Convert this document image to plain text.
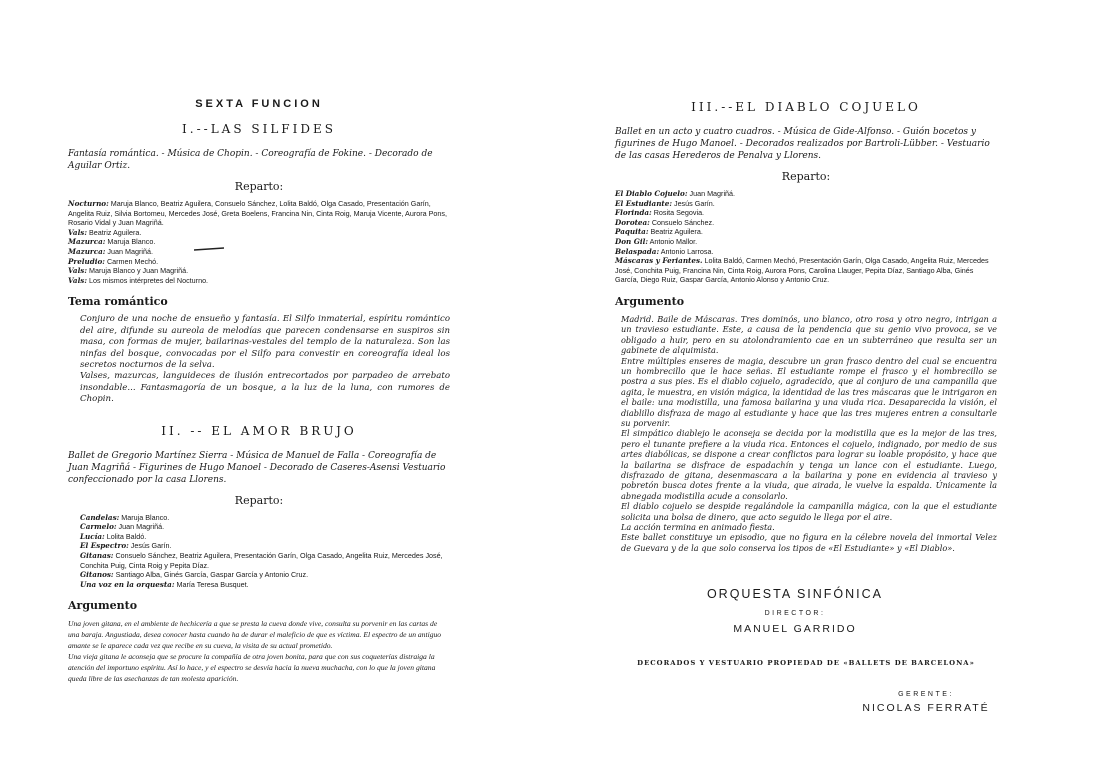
SEXTA FUNCION
I.--LAS SILFIDES

Fantasía romántica. - Música de Chopin. - Coreografía de Fokine. - Decorado de Aguilar Ortiz.

Reparto:
Nocturno: Maruja Blanco, Beatriz Aguilera, Consuelo Sánchez, Lolita Baldó, Olga Casado, Presentación Garín, Angelita Ruiz, Silvia Bortomeu, Mercedes José, Greta Boelens, Francina Nin, Cinta Roig, Maruja Vicente, Aurora Pons, Rosario Vidal y Juan Magriñá.
Vals: Beatriz Aguilera.
Mazurca: Maruja Blanco.
Mazurca: Juan Magriñá.
Preludio: Carmen Mechó.
Vals: Maruja Blanco y Juan Magriñá.
Vals: Los mismos intérpretes del Nocturno.
Tema romántico

Conjuro de una noche de ensueño y fantasía. El Silfo inmaterial, espíritu romántico del aire, difunde su aureola de melodías que parecen condensarse en suspiros sin masa, con formas de mujer, bailarinas-vestales del templo de la naturaleza. Son las ninfas del bosque, convocadas por el Silfo para convestir en coreografía ideal los secretos nocturnos de la selva.

Valses, mazurcas, languideces de ilusión entrecortados por parpadeo de arrebato insondable... Fantasmagoría de un bosque, a la luz de la luna, con rumores de Chopin.

II. -- EL AMOR BRUJO

Ballet de Gregorio Martínez Sierra - Música de Manuel de Falla - Coreografía de Juan Magriñá - Figurines de Hugo Manoel - Decorado de Caseres-Asensi Vestuario confeccionado por la casa Llorens.

Reparto:
Candelas: Maruja Blanco.
Carmelo: Juan Magriñá.
Lucía: Lolita Baldó.
El Espectro: Jesús Garín.
Gitanas: Consuelo Sánchez, Beatriz Aguilera, Presentación Garín, Olga Casado, Angelita Ruiz, Mercedes José, Conchita Puig, Cinta Roig y Pepita Díaz.
Gitanos: Santiago Alba, Ginés García, Gaspar García y Antonio Cruz.
Una voz en la orquesta: María Teresa Busquet.
Argumento

Una joven gitana, en el ambiente de hechicería a que se presta la cueva donde vive, consulta su porvenir en las cartas de una baraja. Angustiada, desea conocer hasta cuando ha de durar el maleficio de que es víctima. El espectro de un antiguo amante se le aparece cada vez que recibe en su cueva, la visita de su actual prometido.

Una vieja gitana le aconseja que se procure la compañía de otra joven bonita, para que con sus coqueterías distraiga la atención del importuno espíritu. Así lo hace, y el espectro se desvía hacia la nueva muchacha, con lo que la joven gitana queda libre de las asechanzas de tan molesta aparición.

III.--EL DIABLO COJUELO

Ballet en un acto y cuatro cuadros. - Música de Gide-Alfonso. - Guión bocetos y figurines de Hugo Manoel. - Decorados realizados por Bartroli-Lübber. - Vestuario de las casas Herederos de Penalva y Llorens.

Reparto:
El Diablo Cojuelo: Juan Magriñá.
El Estudiante: Jesús Garín.
Florinda: Rosita Segovia.
Dorotea: Consuelo Sánchez.
Paquita: Beatriz Aguilera.
Don Gil: Antonio Mallor.
Belaspada: Antonio Larrosa.
Máscaras y Feriantes. Lolita Baldó, Carmen Mechó, Presentación Garín, Olga Casado, Angelita Ruiz, Mercedes José, Conchita Puig, Francina Nin, Cinta Roig, Aurora Pons, Carolina Llauger, Pepita Díaz, Santiago Alba, Ginés García, Diego Ruiz, Gaspar García, Antonio Alonso y Antonio Cruz.
Argumento

Madrid. Baile de Máscaras. Tres dominós, uno blanco, otro rosa y otro negro, intrigan a un travieso estudiante. Este, a causa de la pendencia que su genio vivo provoca, se ve obligado a huir, pero en su atolondramiento cae en un subterráneo que resulta ser un gabinete de alquimista.

Entre múltiples enseres de magia, descubre un gran frasco dentro del cual se encuentra un hombrecillo que le hace señas. El estudiante rompe el frasco y el hombrecillo se postra a sus pies. Es el diablo cojuelo, agradecido, que al conjuro de una campanilla que agita, le muestra, en visión mágica, la identidad de las tres máscaras que le intrigaron en el baile: una modistilla, una famosa bailarina y una viuda rica. Desaparecida la visión, el diablillo disfraza de mago al estudiante y hace que las tres mujeres entren a consultarle su porvenir.

El simpático diablejo le aconseja se decida por la modistilla que es la mejor de las tres, pero el tunante prefiere a la viuda rica. Entonces el cojuelo, indignado, por medio de sus artes diabólicas, se dispone a crear conflictos para lograr su loable propósito, y hace que la bailarina se disfrace de espadachín y tenga un lance con el estudiante. Luego, disfrazado de gitana, desenmascara a la bailarina y pone en evidencia al travieso y pobretón busca dotes frente a la viuda, que airada, le vuelve la espalda. Únicamente la abnegada modistilla acude a consolarlo.

El diablo cojuelo se despide regalándole la campanilla mágica, con la que el estudiante solicita una bolsa de dinero, que acto seguido le llega por el aire.

La acción termina en animado fiesta.

Este ballet constituye un episodio, que no figura en la célebre novela del inmortal Velez de Guevara y de la que solo conserva los tipos de «El Estudiante» y «El Diablo».

ORQUESTA SINFÓNICA
DIRECTOR:
MANUEL GARRIDO
DECORADOS Y VESTUARIO PROPIEDAD DE «BALLETS DE BARCELONA»
GERENTE:
NICOLAS FERRATÉ
